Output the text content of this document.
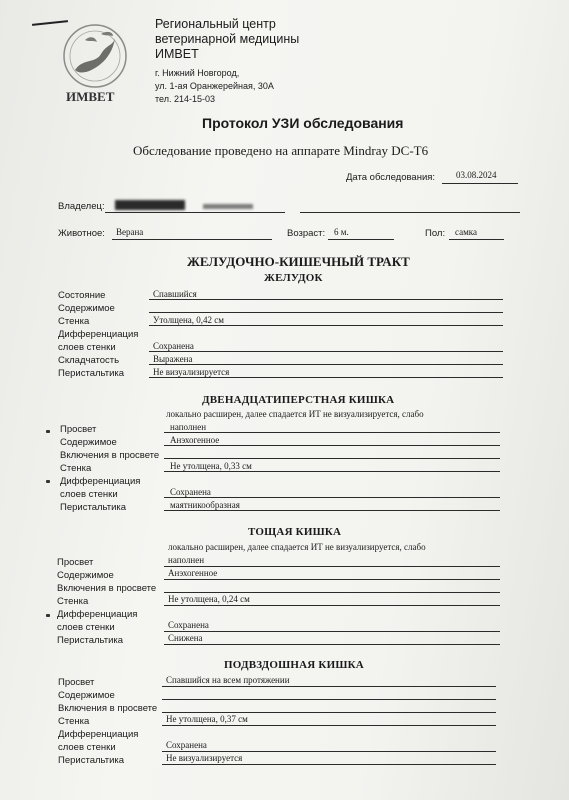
ИМВЕТ
Региональный центр
ветеринарной медицины
ИМВЕТ
г. Нижний Новгород,
ул. 1-ая Оранжерейная, 30А
тел. 214-15-03
Протокол УЗИ обследования
Обследование проведено на аппарате Mindray DC-T6
Дата обследования: 03.08.2024
Владелец:
Животное: Верана	Возраст: 6 м.	Пол: самка
ЖЕЛУДОЧНО-КИШЕЧНЫЙ ТРАКТ
ЖЕЛУДОК
Состояние	Спавшийся
Содержимое
Стенка	Утолщена, 0,42 см
Дифференциация
слоев стенки	Сохранена
Складчатость	Выражена
Перистальтика	Не визуализируется
ДВЕНАДЦАТИПЕРСТНАЯ КИШКА
локально расширен, далее спадается ИТ не визуализируется, слабо
Просвет	наполнен
Содержимое	Анэхогенное
Включения в просвете
Стенка	Не утолщена, 0,33 см
Дифференциация
слоев стенки	Сохранена
Перистальтика	маятникообразная
ТОЩАЯ КИШКА
локально расширен, далее спадается ИТ не визуализируется, слабо
Просвет	наполнен
Содержимое	Анэхогенное
Включения в просвете
Стенка	Не утолщена, 0,24 см
Дифференциация
слоев стенки	Сохранена
Перистальтика	Снижена
ПОДВЗДОШНАЯ КИШКА
Просвет	Спавшийся на всем протяжении
Содержимое
Включения в просвете
Стенка	Не утолщена, 0,37 см
Дифференциация
слоев стенки	Сохранена
Перистальтика	Не визуализируется
